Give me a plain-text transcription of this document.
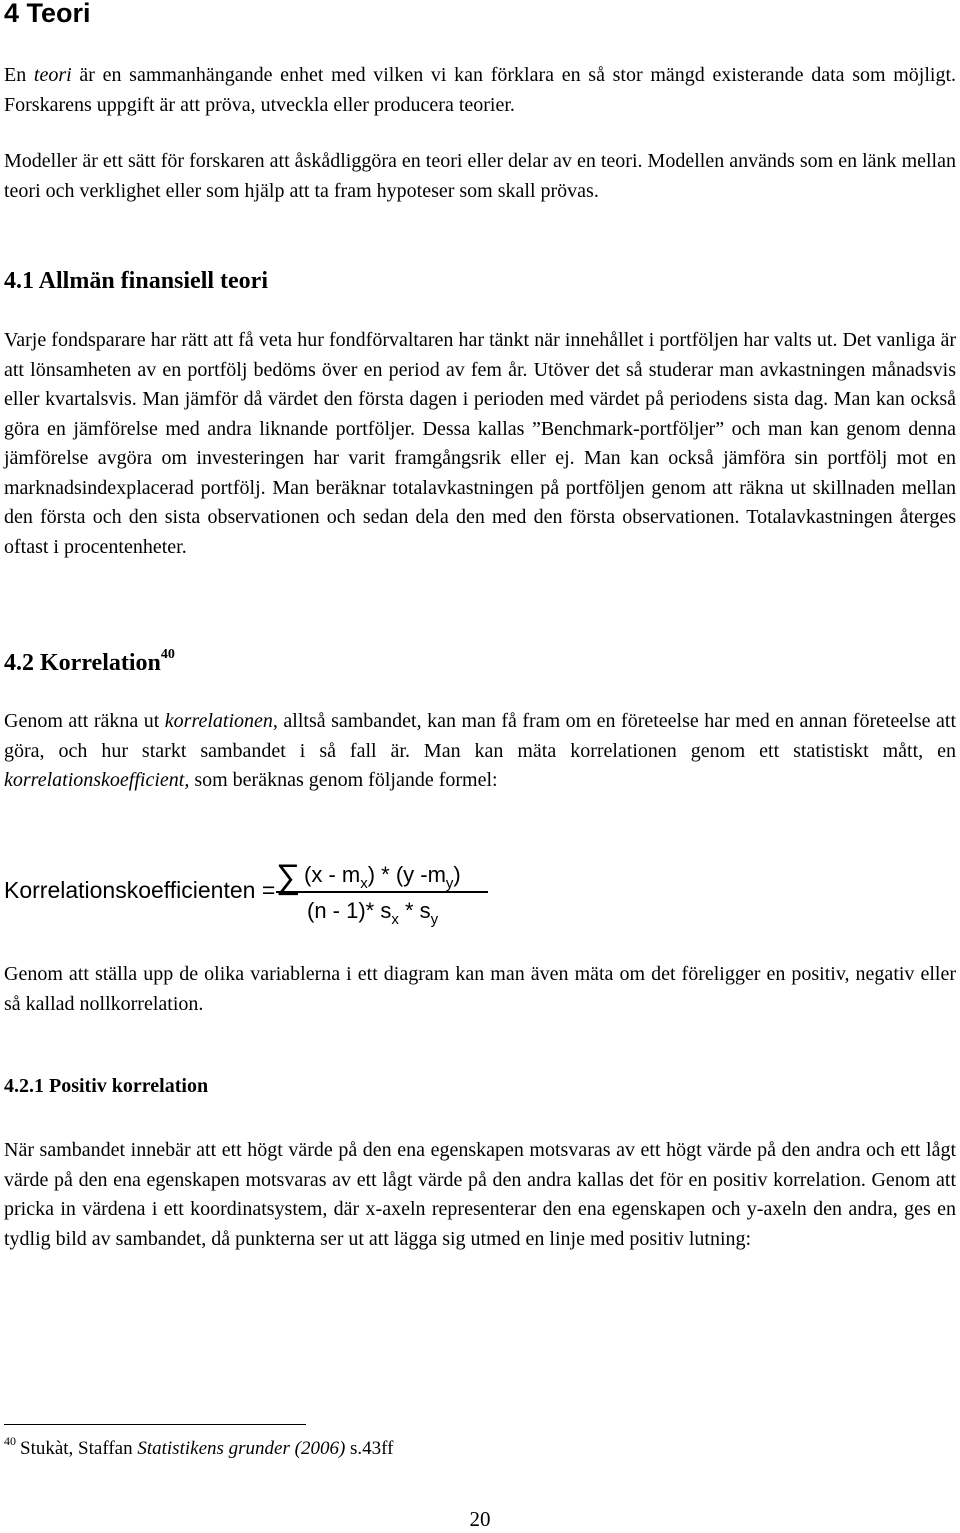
4 Teori

En teori är en sammanhängande enhet med vilken vi kan förklara en så stor mängd existerande data som möjligt. Forskarens uppgift är att pröva, utveckla eller producera teorier.

Modeller är ett sätt för forskaren att åskådliggöra en teori eller delar av en teori. Modellen används som en länk mellan teori och verklighet eller som hjälp att ta fram hypoteser som skall prövas.

4.1 Allmän finansiell teori

Varje fondsparare har rätt att få veta hur fondförvaltaren har tänkt när innehållet i portföljen har valts ut. Det vanliga är att lönsamheten av en portfölj bedöms över en period av fem år. Utöver det så studerar man avkastningen månadsvis eller kvartalsvis. Man jämför då värdet den första dagen i perioden med värdet på periodens sista dag. Man kan också göra en jämförelse med andra liknande portföljer. Dessa kallas ”Benchmark-portföljer” och man kan genom denna jämförelse avgöra om investeringen har varit framgångsrik eller ej. Man kan också jämföra sin portfölj mot en marknadsindexplacerad portfölj. Man beräknar totalavkastningen på portföljen genom att räkna ut skillnaden mellan den första och den sista observationen och sedan dela den med den första observationen. Totalavkastningen återges oftast i procentenheter.

4.2 Korrelation$^{40}$

Genom att räkna ut korrelationen, alltså sambandet, kan man få fram om en företeelse har med en annan företeelse att göra, och hur starkt sambandet i så fall är. Man kan mäta korrelationen genom ett statistiskt mått, en korrelationskoefficient, som beräknas genom följande formel:

Korrelationskoefficienten = ∑ $(x - m_x) * (y$ $-m_y$)
(n - 1)* $s_x * s_y$

Genom att ställa upp de olika variablerna i ett diagram kan man även mäta om det föreligger en positiv, negativ eller så kallad nollkorrelation.

4.2.1 Positiv korrelation

När sambandet innebär att ett högt värde på den ena egenskapen motsvaras av ett högt värde på den andra och ett lågt värde på den ena egenskapen motsvaras av ett lågt värde på den andra kallas det för en positiv korrelation. Genom att pricka in värdena i ett koordinatsystem, där x-axeln representerar den ena egenskapen och y-axeln den andra, ges en tydlig bild av sambandet, då punkterna ser ut att lägga sig utmed en linje med positiv lutning:

$^{40}$ Stukàt, Staffan Statistikens grunder (2006) s.43ff

20
